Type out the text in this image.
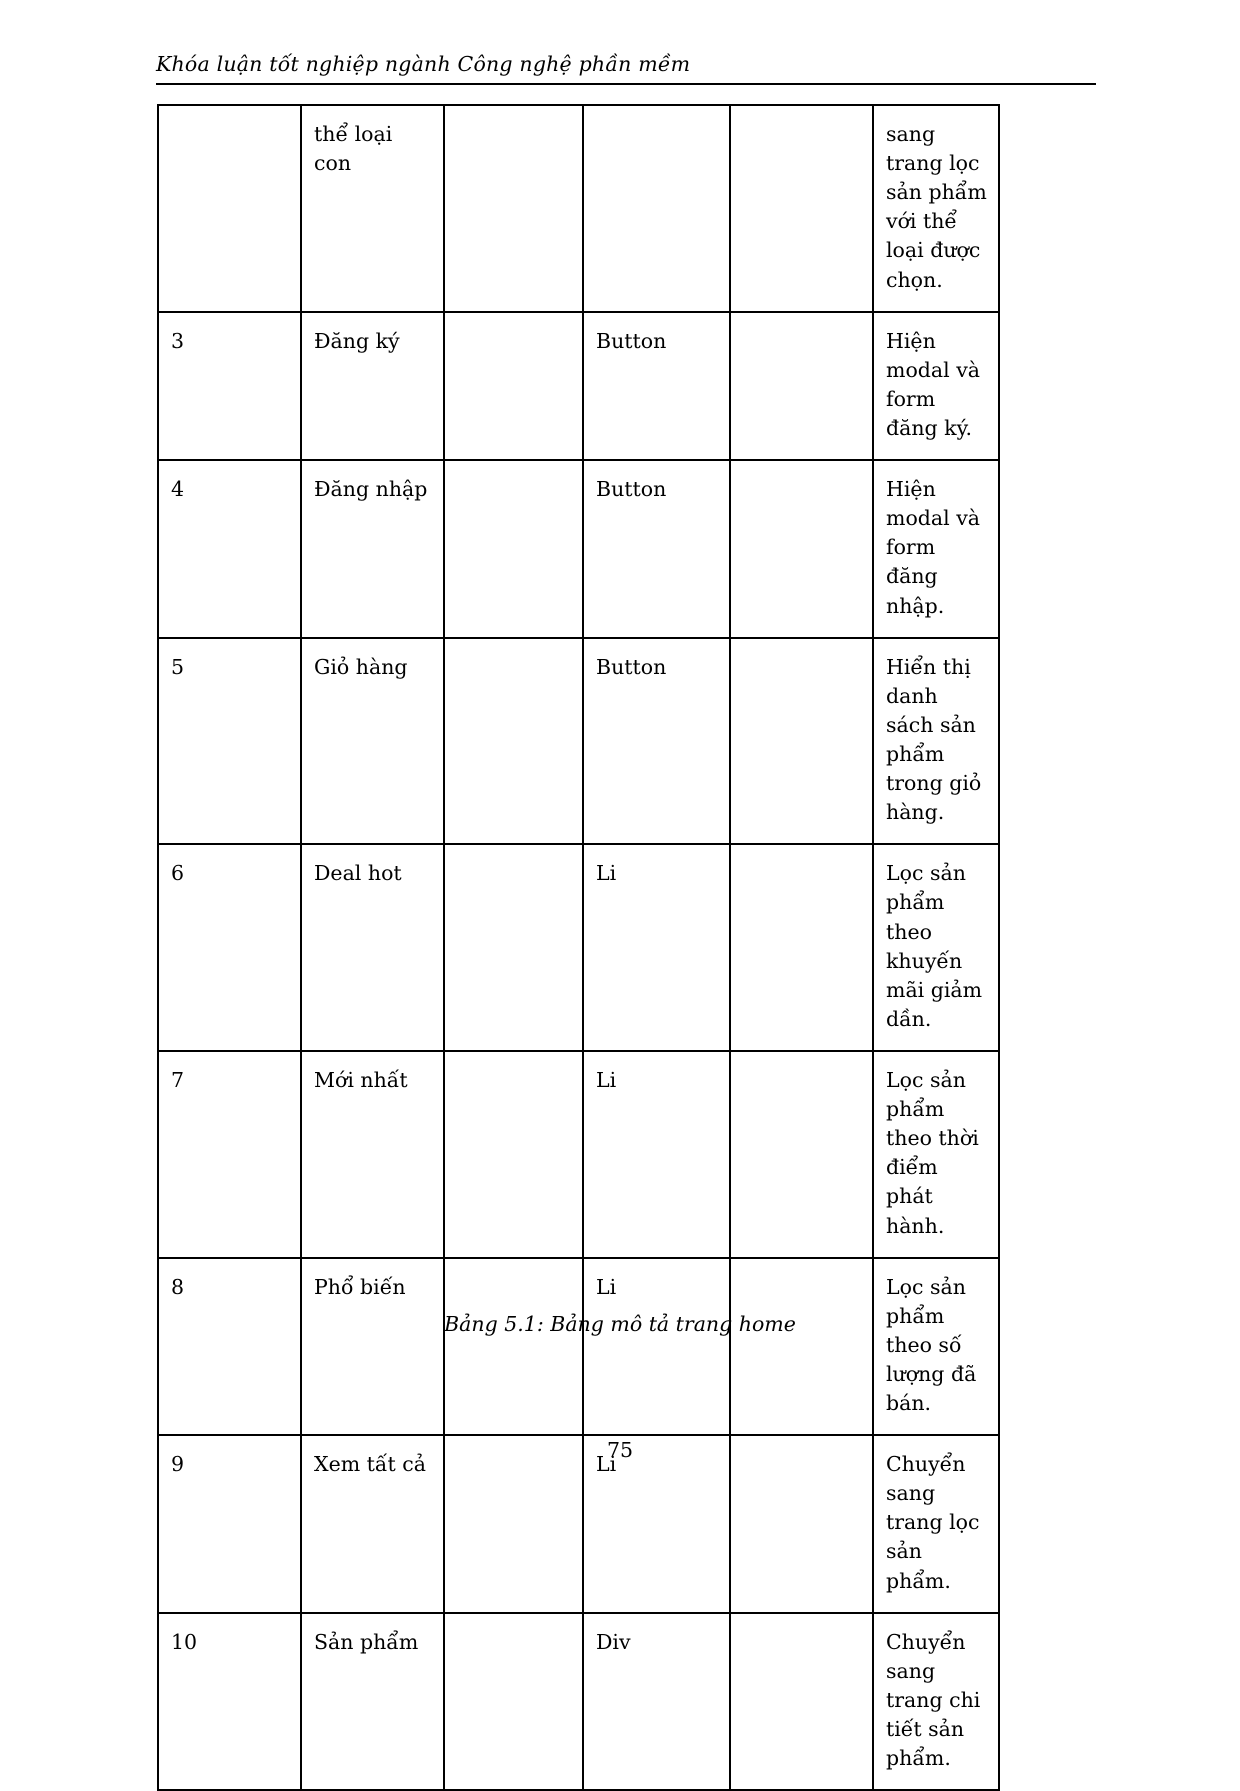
Khóa luận tốt nghiệp ngành Công nghệ phần mềm

	thể loại con				sang trang lọc sản phẩm với thể loại được chọn.

3	Đăng ký		Button		Hiện modal và form đăng ký.

4	Đăng nhập		Button		Hiện modal và form đăng nhập.

5	Giỏ hàng		Button		Hiển thị danh sách sản phẩm trong giỏ hàng.

6	Deal hot		Li		Lọc sản phẩm theo khuyến mãi giảm dần.

7	Mới nhất		Li		Lọc sản phẩm theo thời điểm phát hành.

8	Phổ biến		Li		Lọc sản phẩm theo số lượng đã bán.

9	Xem tất cả		Li		Chuyển sang trang lọc sản phẩm.

10	Sản phẩm		Div		Chuyển sang trang chi tiết sản phẩm.
Bảng 5.1: Bảng mô tả trang home
75
